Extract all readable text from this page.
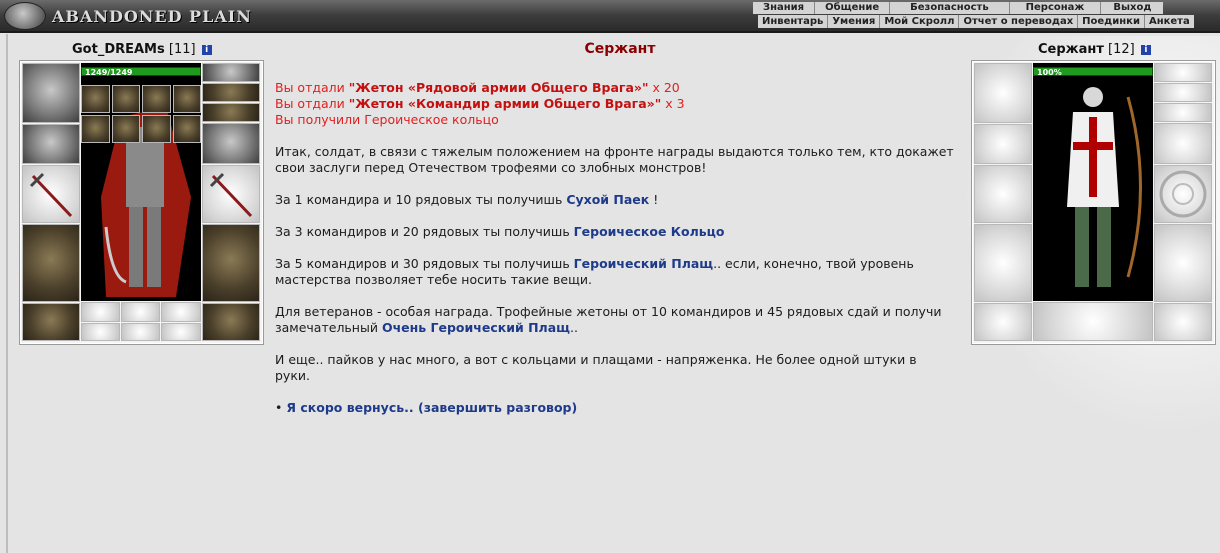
ABANDONED PLAIN	Знания	Общение	Безопасность	Персонаж	Выход
Инвентарь Умения Мой Скролл Отчет о переводах Поединки Анкета
Got_DREAMs [11] i
1249/1249
Сержант
Вы отдали "Жетон «Рядовой армии Общего Врага»" x 20
Вы отдали "Жетон «Командир армии Общего Врага»" x 3
Вы получили Героическое кольцо

Итак, солдат, в связи с тяжелым положением на фронте награды выдаются только тем, кто докажет свои заслуги перед Отечеством трофеями со злобных монстров!

За 1 командира и 10 рядовых ты получишь Сухой Паек !

За 3 командиров и 20 рядовых ты получишь Героическое Кольцо

За 5 командиров и 30 рядовых ты получишь Героический Плащ.. если, конечно, твой уровень мастерства позволяет тебе носить такие вещи.

Для ветеранов - особая награда. Трофейные жетоны от 10 командиров и 45 рядовых сдай и получи замечательный Очень Героический Плащ..

И еще.. пайков у нас много, а вот с кольцами и плащами - напряженка. Не более одной штуки в руки.

• Я скоро вернусь.. (завершить разговор)

Сержант [12] i
100%
